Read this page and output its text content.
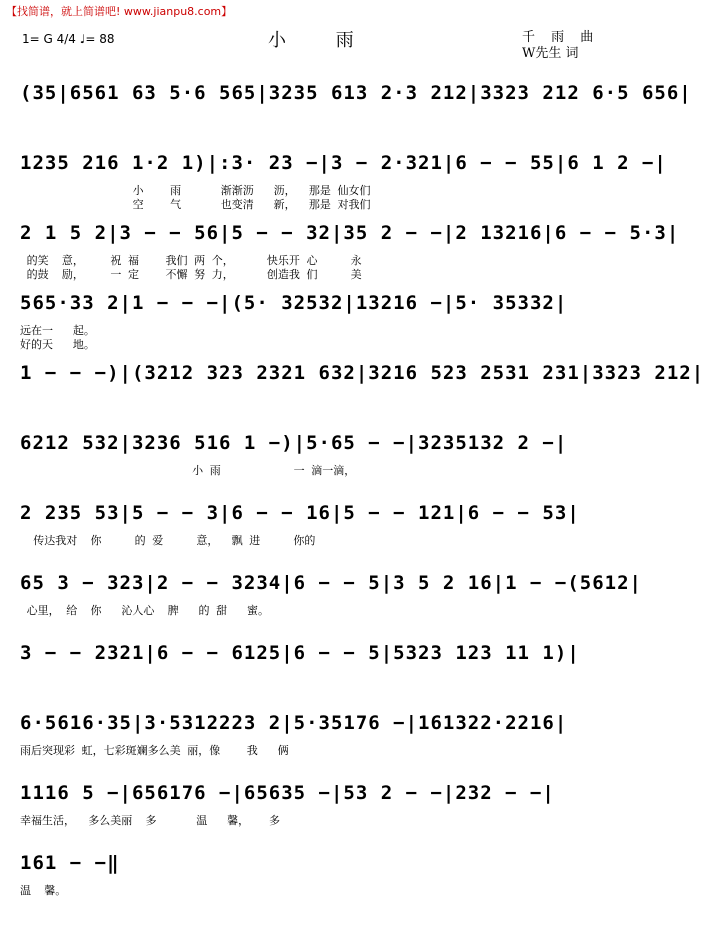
【找简谱，就上简谱吧! www.jianpu8.com】
1= G 4/4 ♩= 88	小 雨	千 雨 曲
W先生 词
(35|6561 63 5·6 565|3235 613 2·3 212|3323 212 6·5 656|
1235 216 1·2 1)|:3· 23 −|3 − 2·321|6 − − 55|6 1 2 −|
小    雨      渐渐沥   沥，  那是 仙女们
空    气      也变清   新，  那是 对我们
2 1 5 2|3 − − 56|5 − − 32|35 2 − −|2 13216|6 − − 5·3|
的笑  意，    祝 福    我们 两 个，     快乐开 心     永
的鼓  励，    一 定    不懈 努 力，     创造我 们     美
565·33 2|1 − − −|(5· 32532|13216 −|5· 35332|
远在一   起。
好的天   地。
1 − − −)|(3212 323 2321 632|3216 523 2531 231|3323 212|
6212 532|3236 516 1 −)|5·65 − −|3235132 2 −|
小 雨           一 滴一滴，
2 235 53|5 − − 3|6 − − 16|5 − − 121|6 − − 53|
传达我对  你     的 爱     意，  飘 进     你的
65 3 − 323|2 − − 3234|6 − − 5|3 5 2 16|1 − −(5612|
心里， 给  你   沁人心  脾   的 甜   蜜。
3 − − 2321|6 − − 6125|6 − − 5|5323 123 11 1)|
6·5616·35|3·5312223 2|5·35176 −|161322·2216|
雨后突现彩 虹，七彩斑斓多么美 丽，像    我   俩
1116 5 −|656176 −|65635 −|53 2 − −|232 − −|
幸福生活，  多么美丽  多      温   馨，   多
161 − −‖
温  馨。
